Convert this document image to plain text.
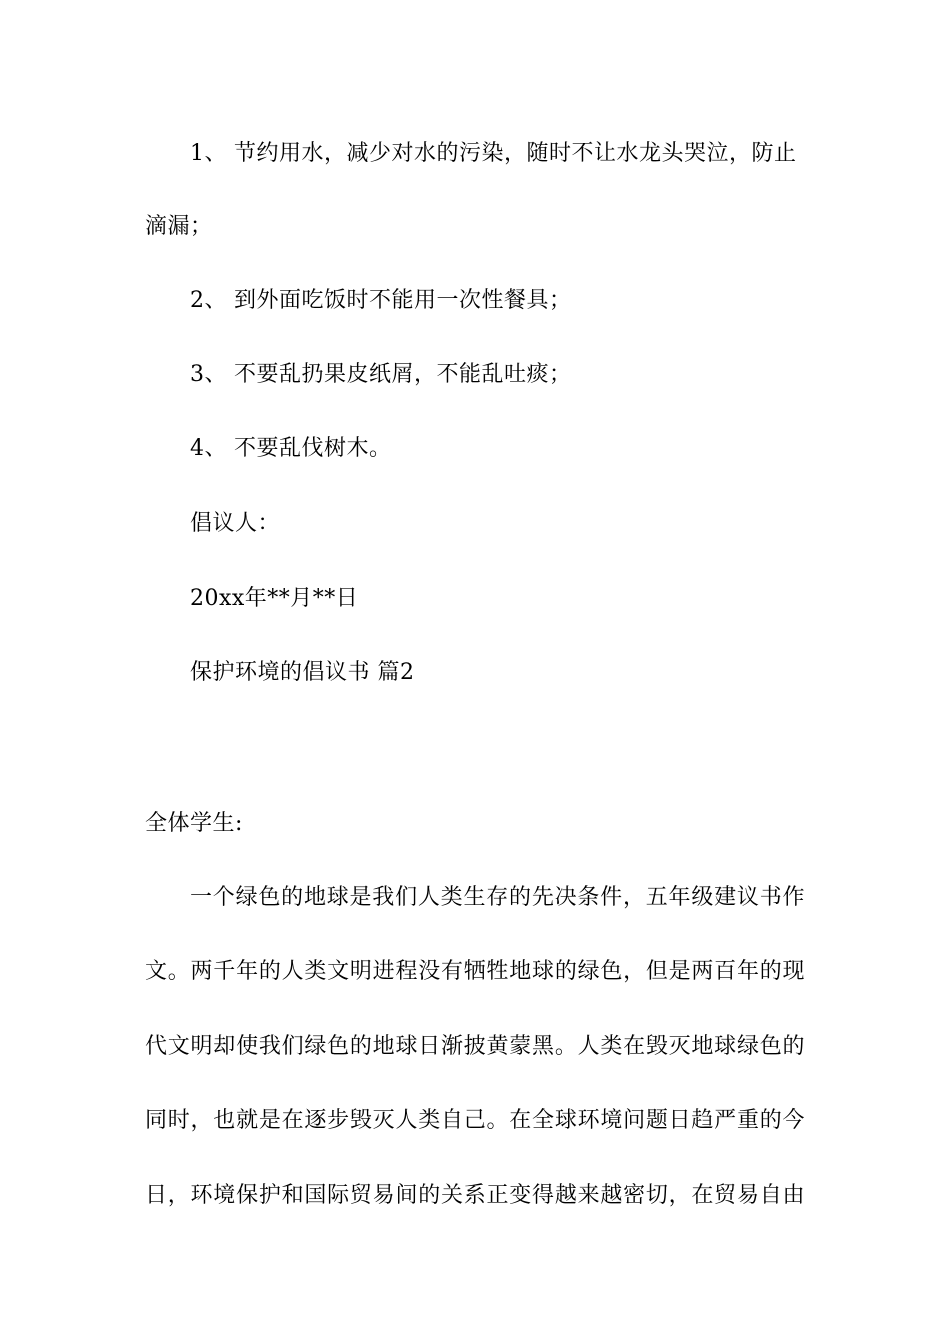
1、 节约用水，减少对水的污染，随时不让水龙头哭泣，防止
滴漏；
2、 到外面吃饭时不能用一次性餐具；
3、 不要乱扔果皮纸屑，不能乱吐痰；
4、 不要乱伐树木。
倡议人：
20xx年**月**日
保护环境的倡议书 篇2
全体学生:
一个绿色的地球是我们人类生存的先决条件，五年级建议书作
文。两千年的人类文明进程没有牺牲地球的绿色，但是两百年的现
代文明却使我们绿色的地球日渐披黄蒙黑。人类在毁灭地球绿色的
同时，也就是在逐步毁灭人类自己。在全球环境问题日趋严重的今
日，环境保护和国际贸易间的关系正变得越来越密切，在贸易自由
